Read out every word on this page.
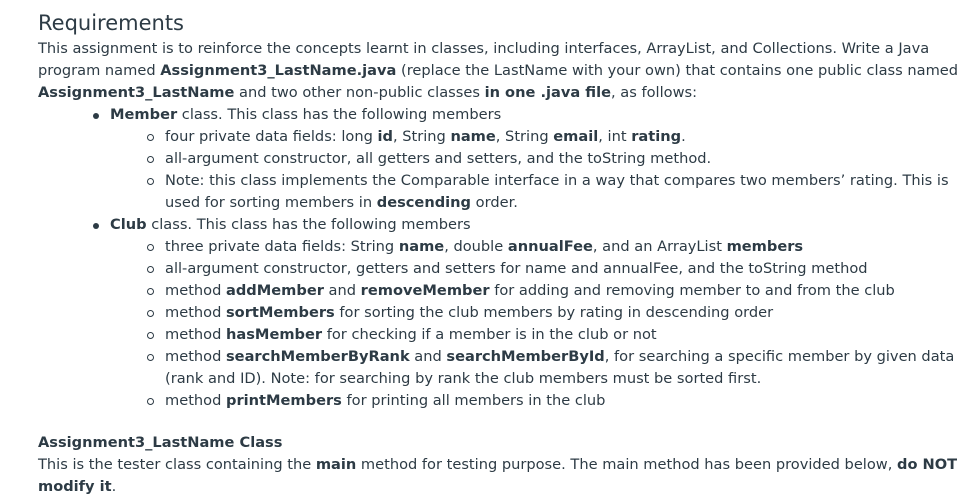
Requirements

This assignment is to reinforce the concepts learnt in classes, including interfaces, ArrayList, and Collections. Write a Java program named Assignment3_LastName.java (replace the LastName with your own) that contains one public class named Assignment3_LastName and two other non-public classes in one .java file, as follows:

Member class. This class has the following members
four private data fields: long id, String name, String email, int rating.
all-argument constructor, all getters and setters, and the toString method.
Note: this class implements the Comparable interface in a way that compares two members’ rating. This is used for sorting members in descending order.
Club class. This class has the following members
three private data fields: String name, double annualFee, and an ArrayList members
all-argument constructor, getters and setters for name and annualFee, and the toString method
method addMember and removeMember for adding and removing member to and from the club
method sortMembers for sorting the club members by rating in descending order
method hasMember for checking if a member is in the club or not
method searchMemberByRank and searchMemberById, for searching a specific member by given data (rank and ID). Note: for searching by rank the club members must be sorted first.
method printMembers for printing all members in the club

Assignment3_LastName Class

This is the tester class containing the main method for testing purpose. The main method has been provided below, do NOT modify it.
